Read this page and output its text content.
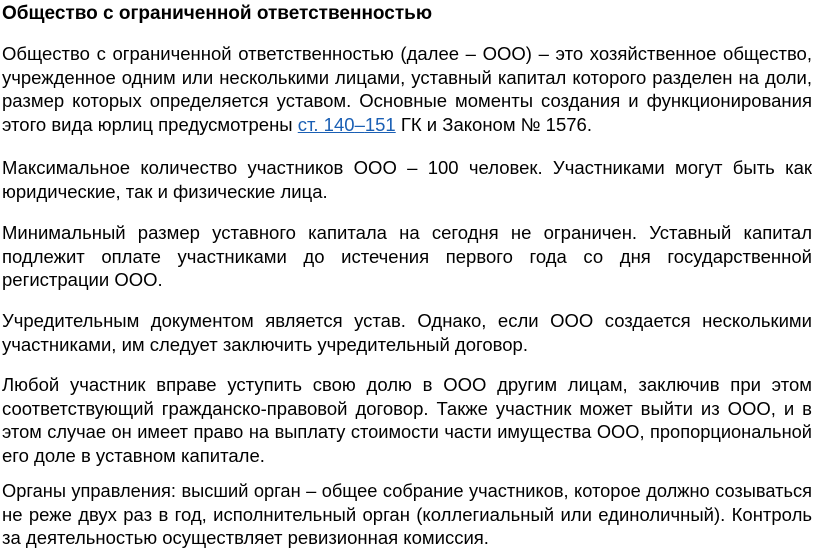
Общество с ограниченной ответственностью
Общество с ограниченной ответственностью (далее – ООО) – это хозяйственное общество,
учрежденное одним или несколькими лицами, уставный капитал которого разделен на доли,
размер которых определяется уставом. Основные моменты создания и функционирования
этого вида юрлиц предусмотрены ст. 140–151 ГК и Законом № 1576.
Максимальное количество участников ООО – 100 человек. Участниками могут быть как
юридические, так и физические лица.
Минимальный размер уставного капитала на сегодня не ограничен. Уставный капитал
подлежит оплате участниками до истечения первого года со дня государственной
регистрации ООО.
Учредительным документом является устав. Однако, если ООО создается несколькими
участниками, им следует заключить учредительный договор.
Любой участник вправе уступить свою долю в ООО другим лицам, заключив при этом
соответствующий гражданско-правовой договор. Также участник может выйти из ООО, и в
этом случае он имеет право на выплату стоимости части имущества ООО, пропорциональной
его доле в уставном капитале.
Органы управления: высший орган – общее собрание участников, которое должно созываться
не реже двух раз в год, исполнительный орган (коллегиальный или единоличный). Контроль
за деятельностью осуществляет ревизионная комиссия.
